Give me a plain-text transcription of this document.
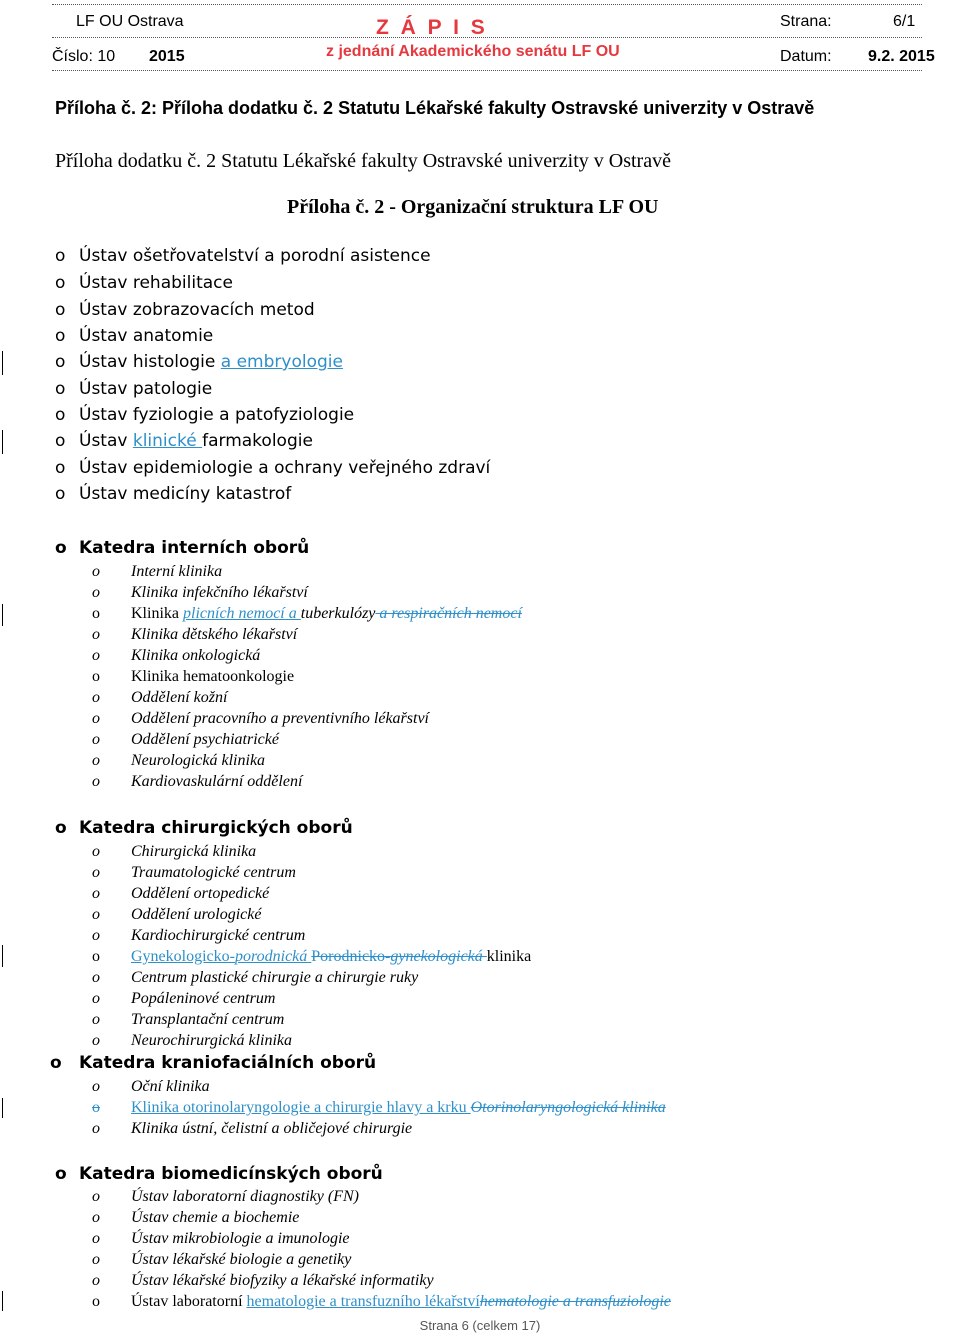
LF OU Ostrava	Z Á P I S	Strana:	6/1
Číslo: 10 2015	z jednání Akademického senátu LF OU	Datum: 9.2. 2015
Příloha č. 2: Příloha dodatku č. 2 Statutu Lékařské fakulty Ostravské univerzity v Ostravě
Příloha dodatku č. 2 Statutu Lékařské fakulty Ostravské univerzity v Ostravě
Příloha č. 2 - Organizační struktura LF OU
o Ústav ošetřovatelství a porodní asistence
o Ústav rehabilitace
o Ústav zobrazovacích metod
o Ústav anatomie
o Ústav histologie a embryologie
o Ústav patologie
o Ústav fyziologie a patofyziologie
o Ústav klinické farmakologie
o Ústav epidemiologie a ochrany veřejného zdraví
o Ústav medicíny katastrof
o Katedra interních oborů
o Interní klinika
o Klinika infekčního lékařství
o Klinika plicních nemocí a tuberkulózy a respiračních nemocí
o Klinika dětského lékařství
o Klinika onkologická
o Klinika hematoonkologie
o Oddělení kožní
o Oddělení pracovního a preventivního lékařství
o Oddělení psychiatrické
o Neurologická klinika
o Kardiovaskulární oddělení
o Katedra chirurgických oborů
o Chirurgická klinika
o Traumatologické centrum
o Oddělení ortopedické
o Oddělení urologické
o Kardiochirurgické centrum
o Gynekologicko-porodnická Porodnicko-gynekologická klinika
o Centrum plastické chirurgie a chirurgie ruky
o Popáleninové centrum
o Transplantační centrum
o Neurochirurgická klinika
o Katedra kraniofaciálních oborů
o Oční klinika
o Klinika otorinolaryngologie a chirurgie hlavy a krku Otorinolaryngologická klinika
o Klinika ústní, čelistní a obličejové chirurgie
o Katedra biomedicínských oborů
o Ústav laboratorní diagnostiky (FN)
o Ústav chemie a biochemie
o Ústav mikrobiologie a imunologie
o Ústav lékařské biologie a genetiky
o Ústav lékařské biofyziky a lékařské informatiky
o Ústav laboratorní hematologie a transfuzního lékařstvíhematologie a transfuziologie
Strana 6 (celkem 17)
